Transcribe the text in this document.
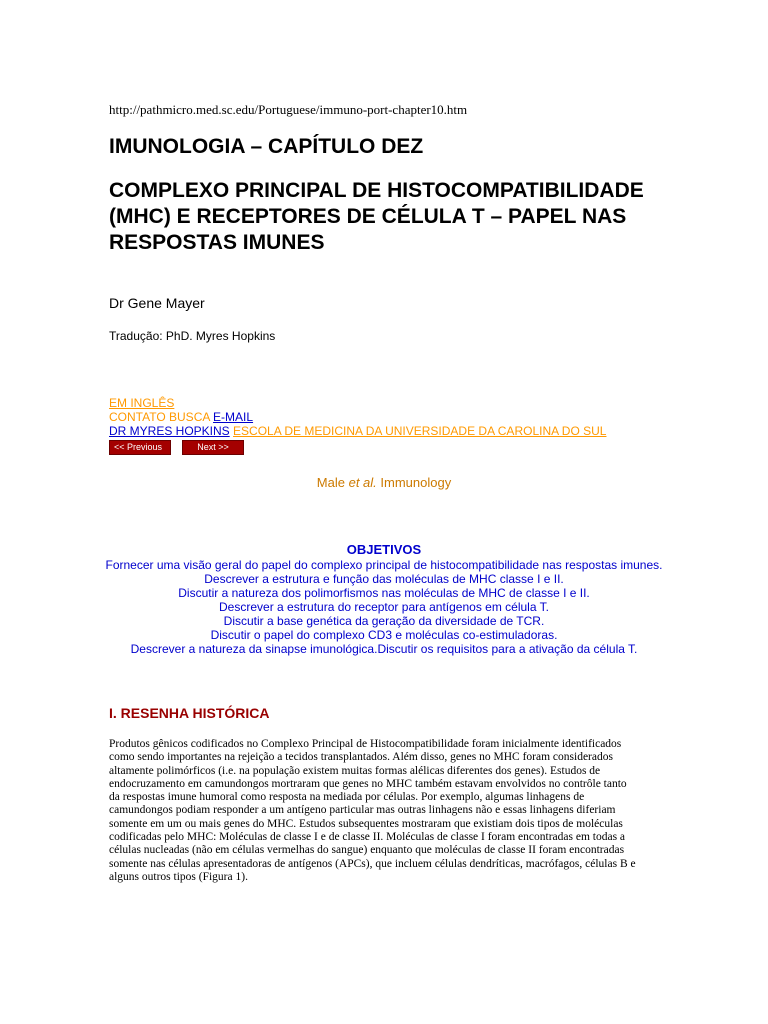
http://pathmicro.med.sc.edu/Portuguese/immuno-port-chapter10.htm
IMUNOLOGIA – CAPÍTULO DEZ
COMPLEXO PRINCIPAL DE HISTOCOMPATIBILIDADE (MHC) E RECEPTORES DE CÉLULA T – PAPEL NAS RESPOSTAS IMUNES
Dr Gene Mayer
Tradução: PhD. Myres Hopkins
EM INGLÊS
CONTATO BUSCA E-MAIL
DR MYRES HOPKINS ESCOLA DE MEDICINA DA UNIVERSIDADE DA CAROLINA DO SUL
<< Previous	Next >>
Male et al. Immunology
OBJETIVOS
Fornecer uma visão geral do papel do complexo principal de histocompatibilidade nas respostas imunes.
Descrever a estrutura e função das moléculas de MHC classe I e II.
Discutir a natureza dos polimorfismos nas moléculas de MHC de classe I e II.
Descrever a estrutura do receptor para antígenos em célula T.
Discutir a base genética da geração da diversidade de TCR.
Discutir o papel do complexo CD3 e moléculas co-estimuladoras.
Descrever a natureza da sinapse imunológica.Discutir os requisitos para a ativação da célula T.
I. RESENHA HISTÓRICA

Produtos gênicos codificados no Complexo Principal de Histocompatibilidade foram inicialmente identificados como sendo importantes na rejeição a tecidos transplantados. Além disso, genes no MHC foram considerados altamente polimórficos (i.e. na população existem muitas formas alélicas diferentes dos genes). Estudos de endocruzamento em camundongos mortraram que genes no MHC também estavam envolvidos no contrôle tanto da respostas imune humoral como resposta na mediada por células. Por exemplo, algumas linhagens de camundongos podiam responder a um antígeno particular mas outras linhagens não e essas linhagens diferiam somente em um ou mais genes do MHC. Estudos subsequentes mostraram que existiam dois tipos de moléculas codificadas pelo MHC: Moléculas de classe I e de classe II. Moléculas de classe I foram encontradas em todas a células nucleadas (não em células vermelhas do sangue) enquanto que moléculas de classe II foram encontradas somente nas células apresentadoras de antígenos (APCs), que incluem células dendríticas, macrófagos, células B e alguns outros tipos (Figura 1).
